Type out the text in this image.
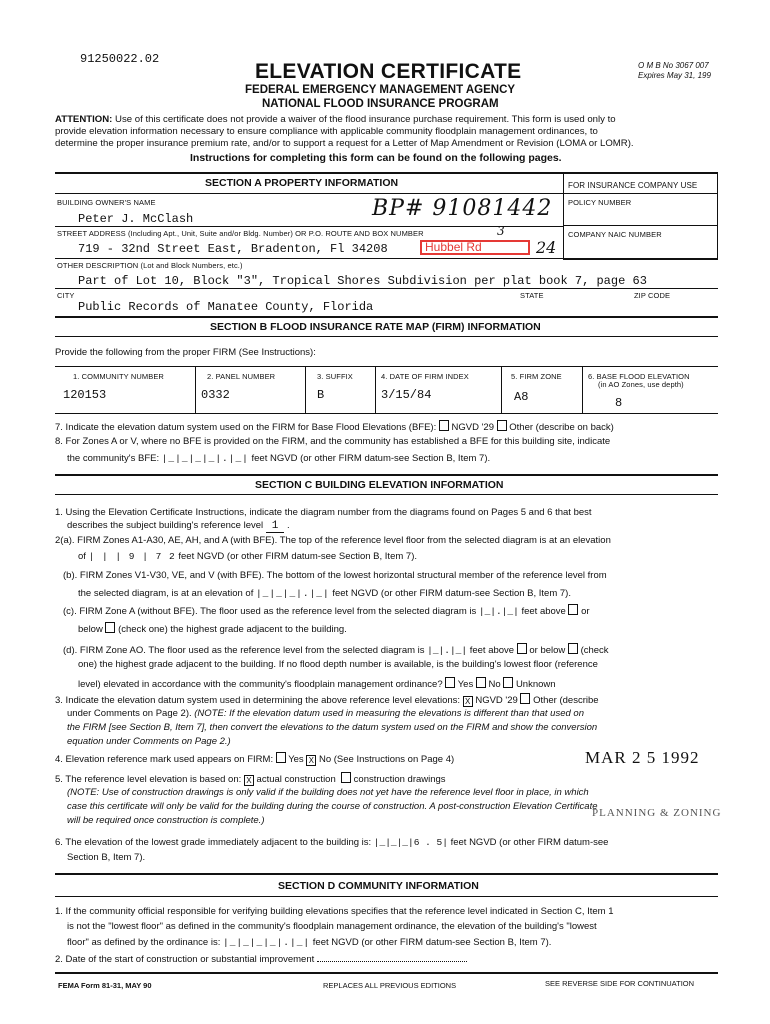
91250022.02
ELEVATION CERTIFICATE	O M B No 3067 007
Expires May 31, 199
FEDERAL EMERGENCY MANAGEMENT AGENCY
NATIONAL FLOOD INSURANCE PROGRAM
ATTENTION: Use of this certificate does not provide a waiver of the flood insurance purchase requirement. This form is used only to
provide elevation information necessary to ensure compliance with applicable community floodplain management ordinances, to
determine the proper insurance premium rate, and/or to support a request for a Letter of Map Amendment or Revision (LOMA or LOMR).
Instructions for completing this form can be found on the following pages.
SECTION A PROPERTY INFORMATION	FOR INSURANCE COMPANY USE
POLICY NUMBER
COMPANY NAIC NUMBER
BUILDING OWNER'S NAME
Peter J. McClash	BP# 91081442
STREET ADDRESS (Including Apt., Unit, Suite and/or Bldg. Number) OR P.O. ROUTE AND BOX NUMBER	3
719 - 32nd Street East, Bradenton, Fl 34208	Hubbel Rd	24
OTHER DESCRIPTION (Lot and Block Numbers, etc.)
Part of Lot 10, Block "3", Tropical Shores Subdivision per plat book 7, page 63
CITY	STATE	ZIP CODE
Public Records of Manatee County, Florida
SECTION B FLOOD INSURANCE RATE MAP (FIRM) INFORMATION
Provide the following from the proper FIRM (See Instructions):
1. COMMUNITY NUMBER	2. PANEL NUMBER	3. SUFFIX	4. DATE OF FIRM INDEX	5. FIRM ZONE	6. BASE FLOOD ELEVATION
(in AO Zones, use depth)
120153	0332	B	3/15/84	A8	8
7. Indicate the elevation datum system used on the FIRM for Base Flood Elevations (BFE): NGVD '29 Other (describe on back)
8. For Zones A or V, where no BFE is provided on the FIRM, and the community has established a BFE for this building site, indicate
the community's BFE: |_|_|_|_|.|_| feet NGVD (or other FIRM datum-see Section B, Item 7).
SECTION C BUILDING ELEVATION INFORMATION
1. Using the Elevation Certificate Instructions, indicate the diagram number from the diagrams found on Pages 5 and 6 that best
describes the subject building's reference level 1 .
2(a). FIRM Zones A1-A30, AE, AH, and A (with BFE). The top of the reference level floor from the selected diagram is at an elevation
of | | | 9 | 7 2 feet NGVD (or other FIRM datum-see Section B, Item 7).
(b). FIRM Zones V1-V30, VE, and V (with BFE). The bottom of the lowest horizontal structural member of the reference level from
the selected diagram, is at an elevation of |_|_|_|.|_| feet NGVD (or other FIRM datum-see Section B, Item 7).
(c). FIRM Zone A (without BFE). The floor used as the reference level from the selected diagram is |_|.|_| feet above or
below (check one) the highest grade adjacent to the building.
(d). FIRM Zone AO. The floor used as the reference level from the selected diagram is |_|.|_| feet above or below (check
one) the highest grade adjacent to the building. If no flood depth number is available, is the building's lowest floor (reference
level) elevated in accordance with the community's floodplain management ordinance? Yes No Unknown
3. Indicate the elevation datum system used in determining the above reference level elevations: X NGVD '29 Other (describe
under Comments on Page 2). (NOTE: If the elevation datum used in measuring the elevations is different than that used on
the FIRM [see Section B, Item 7], then convert the elevations to the datum system used on the FIRM and show the conversion
equation under Comments on Page 2.)
4. Elevation reference mark used appears on FIRM: Yes X No (See Instructions on Page 4)	MAR 2 5 1992
5. The reference level elevation is based on: X actual construction construction drawings
(NOTE: Use of construction drawings is only valid if the building does not yet have the reference level floor in place, in which
case this certificate will only be valid for the building during the course of construction. A post-construction Elevation Certificate
will be required once construction is complete.)
PLANNING & ZONING
6. The elevation of the lowest grade immediately adjacent to the building is: |_|_|_|6 . 5| feet NGVD (or other FIRM datum-see
Section B, Item 7).
SECTION D COMMUNITY INFORMATION
1. If the community official responsible for verifying building elevations specifies that the reference level indicated in Section C, Item 1
is not the "lowest floor" as defined in the community's floodplain management ordinance, the elevation of the building's "lowest
floor" as defined by the ordinance is: |_|_|_|_|.|_| feet NGVD (or other FIRM datum-see Section B, Item 7).
2. Date of the start of construction or substantial improvement
FEMA Form 81-31, MAY 90	REPLACES ALL PREVIOUS EDITIONS	SEE REVERSE SIDE FOR CONTINUATION
